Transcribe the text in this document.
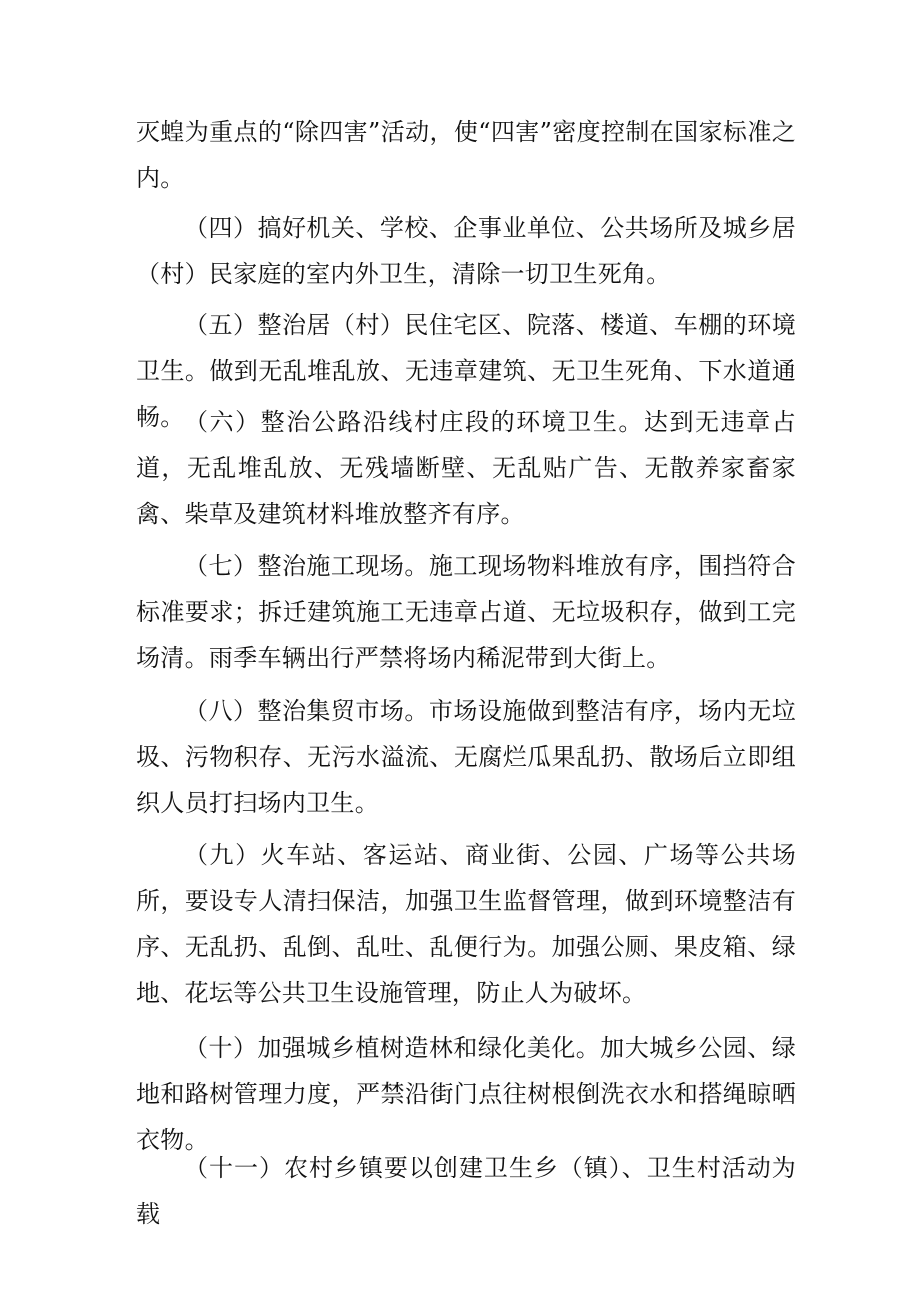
灭蝗为重点的“除四害”活动，使“四害”密度控制在国家标准之内。

（四）搞好机关、学校、企事业单位、公共场所及城乡居（村）民家庭的室内外卫生，清除一切卫生死角。

（五）整治居（村）民住宅区、院落、楼道、车棚的环境卫生。做到无乱堆乱放、无违章建筑、无卫生死角、下水道通畅。 （六）整治公路沿线村庄段的环境卫生。达到无违章占道，无乱堆乱放、无残墙断壁、无乱贴广告、无散养家畜家禽、柴草及建筑材料堆放整齐有序。

（七）整治施工现场。施工现场物料堆放有序，围挡符合标准要求；拆迁建筑施工无违章占道、无垃圾积存，做到工完场清。雨季车辆出行严禁将场内稀泥带到大街上。

（八）整治集贸市场。市场设施做到整洁有序，场内无垃圾、污物积存、无污水溢流、无腐烂瓜果乱扔、散场后立即组织人员打扫场内卫生。

（九）火车站、客运站、商业街、公园、广场等公共场所，要设专人清扫保洁，加强卫生监督管理，做到环境整洁有序、无乱扔、乱倒、乱吐、乱便行为。加强公厕、果皮箱、绿地、花坛等公共卫生设施管理，防止人为破坏。

（十）加强城乡植树造林和绿化美化。加大城乡公园、绿地和路树管理力度，严禁沿街门点往树根倒洗衣水和搭绳晾晒衣物。

（十一）农村乡镇要以创建卫生乡（镇）、卫生村活动为载
